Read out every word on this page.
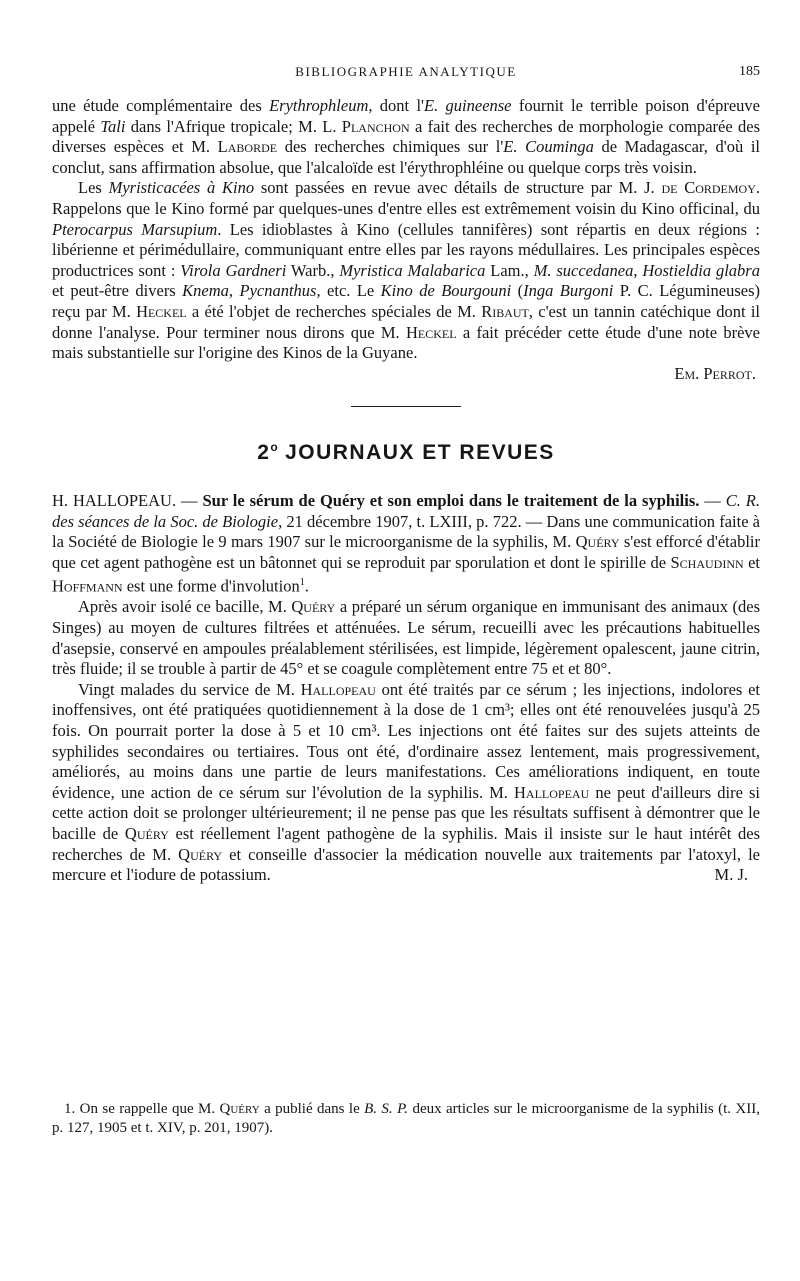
BIBLIOGRAPHIE ANALYTIQUE	185

une étude complémentaire des Erythrophleum, dont l'E. guineense fournit le terrible poison d'épreuve appelé Tali dans l'Afrique tropicale; M. L. Planchon a fait des recherches de morphologie comparée des diverses espèces et M. Laborde des recherches chimiques sur l'E. Couminga de Madagascar, d'où il conclut, sans affirmation absolue, que l'alcaloïde est l'érythrophléine ou quelque corps très voisin.

Les Myristicacées à Kino sont passées en revue avec détails de structure par M. J. de Cordemoy. Rappelons que le Kino formé par quelques-unes d'entre elles est extrêmement voisin du Kino officinal, du Pterocarpus Marsupium. Les idioblastes à Kino (cellules tannifères) sont répartis en deux régions : libérienne et périmédullaire, communiquant entre elles par les rayons médullaires. Les principales espèces productrices sont : Virola Gardneri Warb., Myristica Malabarica Lam., M. succedanea, Hostieldia glabra et peut-être divers Knema, Pycnanthus, etc. Le Kino de Bourgouni (Inga Burgoni P. C. Légumineuses) reçu par M. Heckel a été l'objet de recherches spéciales de M. Ribaut, c'est un tannin catéchique dont il donne l'analyse. Pour terminer nous dirons que M. Heckel a fait précéder cette étude d'une note brève mais substantielle sur l'origine des Kinos de la Guyane.

Em. Perrot.

2$^o$ JOURNAUX ET REVUES

H. HALLOPEAU. — Sur le sérum de Quéry et son emploi dans le traitement de la syphilis. — C. R. des séances de la Soc. de Biologie, 21 décembre 1907, t. LXIII, p. 722. — Dans une communication faite à la Société de Biologie le 9 mars 1907 sur le microorganisme de la syphilis, M. Quéry s'est efforcé d'établir que cet agent pathogène est un bâtonnet qui se reproduit par sporulation et dont le spirille de Schaudinn et Hoffmann est une forme d'involution$^1$.

Après avoir isolé ce bacille, M. Quéry a préparé un sérum organique en immunisant des animaux (des Singes) au moyen de cultures filtrées et atténuées. Le sérum, recueilli avec les précautions habituelles d'asepsie, conservé en ampoules préalablement stérilisées, est limpide, légèrement opalescent, jaune citrin, très fluide; il se trouble à partir de 45° et se coagule complètement entre 75 et et 80°.

Vingt malades du service de M. Hallopeau ont été traités par ce sérum ; les injections, indolores et inoffensives, ont été pratiquées quotidiennement à la dose de 1 cm³; elles ont été renouvelées jusqu'à 25 fois. On pourrait porter la dose à 5 et 10 cm³. Les injections ont été faites sur des sujets atteints de syphilides secondaires ou tertiaires. Tous ont été, d'ordinaire assez lentement, mais progressivement, améliorés, au moins dans une partie de leurs manifestations. Ces améliorations indiquent, en toute évidence, une action de ce sérum sur l'évolution de la syphilis. M. Hallopeau ne peut d'ailleurs dire si cette action doit se prolonger ultérieurement; il ne pense pas que les résultats suffisent à démontrer que le bacille de Quéry est réellement l'agent pathogène de la syphilis. Mais il insiste sur le haut intérêt des recherches de M. Quéry et conseille d'associer la médication nouvelle aux traitements par l'atoxyl, le mercure et l'iodure de potassium.	M. J.

1. On se rappelle que M. Quéry a publié dans le B. S. P. deux articles sur le microorganisme de la syphilis (t. XII, p. 127, 1905 et t. XIV, p. 201, 1907).
